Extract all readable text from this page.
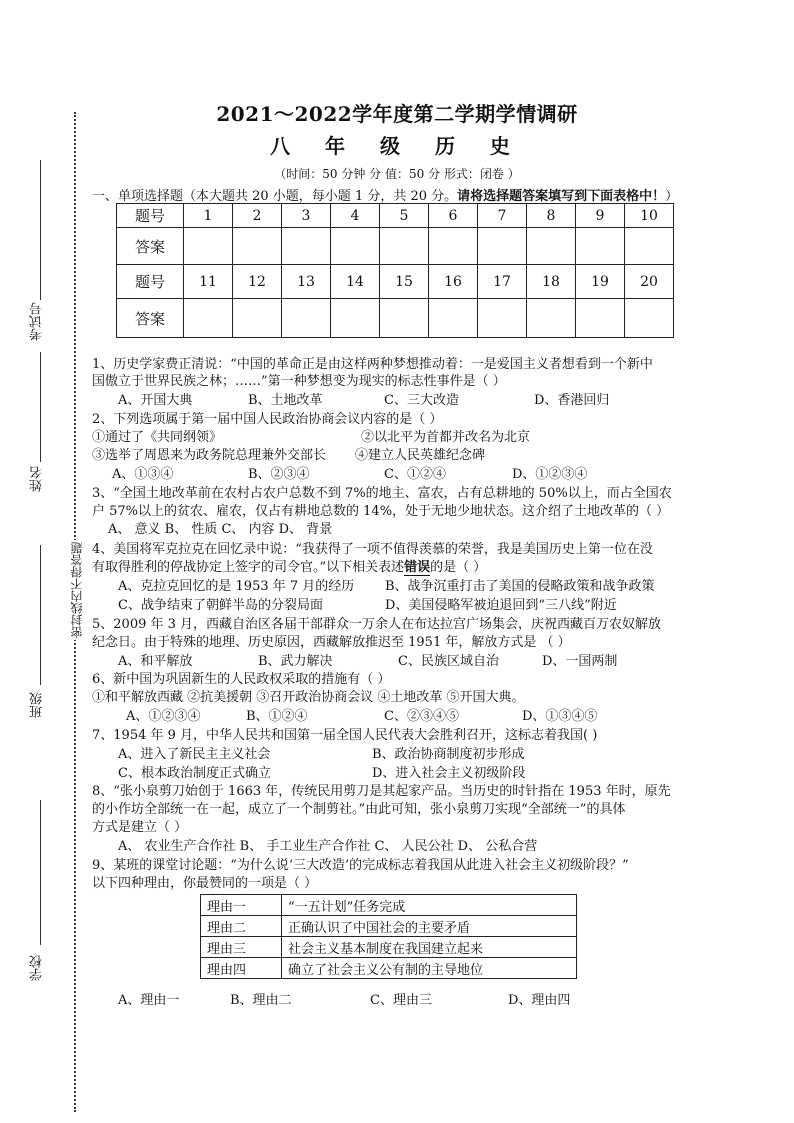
密封线内不得答题
考试号
姓名
班级
学校
2021～2022学年度第二学期学情调研
八 年 级 历 史
（时间：50 分钟 分 值：50 分 形式：闭卷 ）
一、单项选择题（本大题共 20 小题，每小题 1 分，共 20 分。请将选择题答案填写到下面表格中！）
题号	1	2	3	4	5	6	7	8	9	10
答案										
题号	11	12	13	14	15	16	17	18	19	20
答案										
1、历史学家费正清说：“中国的革命正是由这样两种梦想推动着：一是爱国主义者想看到一个新中
国傲立于世界民族之林；……”第一种梦想变为现实的标志性事件是（ ）
A、开国大典	B、土地改革	C、三大改造	D、香港回归
2、下列选项属于第一届中国人民政治协商会议内容的是（ ）
①通过了《共同纲领》	②以北平为首都并改名为北京
③选举了周恩来为政务院总理兼外交部长 ④建立人民英雄纪念碑
A、①③④	B、②③④	C、①②④	D、①②③④
3、“全国土地改革前在农村占农户总数不到 7%的地主、富农，占有总耕地的 50%以上，而占全国农
户 57%以上的贫农、雇农，仅占有耕地总数的 14%，处于无地少地状态。这介绍了土地改革的（ ）
A、 意义 B、 性质 C、 内容 D、 背景
4、美国将军克拉克在回忆录中说：“我获得了一项不值得羡慕的荣誉，我是美国历史上第一位在没
有取得胜利的停战协定上签字的司令官。”以下相关表述错误的是（ ）
A、克拉克回忆的是 1953 年 7 月的经历 B、战争沉重打击了美国的侵略政策和战争政策
C、战争结束了朝鲜半岛的分裂局面	D、美国侵略军被迫退回到“三八线”附近
5、2009 年 3 月，西藏自治区各届干部群众一万余人在布达拉宫广场集会，庆祝西藏百万农奴解放
纪念日。由于特殊的地理、历史原因，西藏解放推迟至 1951 年，解放方式是 （ ）
A、和平解放	B、武力解决	C、民族区域自治	D、一国两制
6、新中国为巩固新生的人民政权采取的措施有（ ）
①和平解放西藏 ②抗美援朝 ③召开政治协商会议 ④土地改革 ⑤开国大典。
A、①②③④	B、①②④	C、②③④⑤	D、①③④⑤
7、1954 年 9 月，中华人民共和国第一届全国人民代表大会胜利召开，这标志着我国( )
A、进入了新民主主义社会	B、政治协商制度初步形成
C、根本政治制度正式确立	D、进入社会主义初级阶段
8、“张小泉剪刀始创于 1663 年，传统民用剪刀是其起家产品。当历史的时针指在 1953 年时，原先
的小作坊全部统一在一起，成立了一个制剪社。”由此可知，张小泉剪刀实现“全部统一”的具体
方式是建立（ ）
A、 农业生产合作社 B、 手工业生产合作社 C、 人民公社 D、 公私合营
9、某班的课堂讨论题：“为什么说‘三大改造’的完成标志着我国从此进入社会主义初级阶段？”
以下四种理由，你最赞同的一项是（ ）
理由一	“一五计划”任务完成
理由二	正确认识了中国社会的主要矛盾
理由三	社会主义基本制度在我国建立起来
理由四	确立了社会主义公有制的主导地位
A、理由一	B、理由二	C、理由三	D、理由四
